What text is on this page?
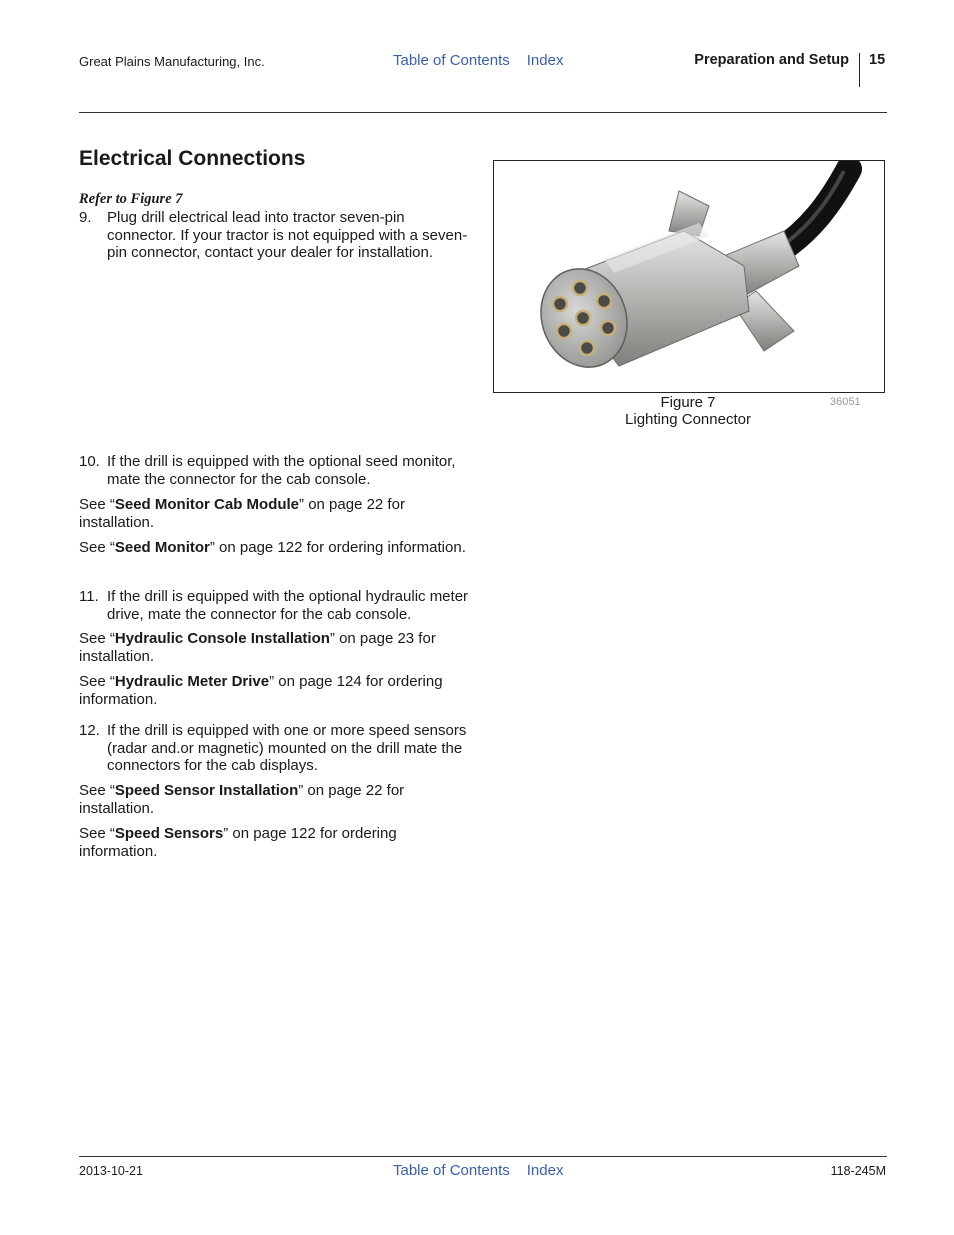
Great Plains Manufacturing, Inc.	Table of Contents Index	Preparation and Setup 15
Electrical Connections
Refer to Figure 7
9. Plug drill electrical lead into tractor seven-pin connector. If your tractor is not equipped with a seven-pin connector, contact your dealer for installation.
36051
Figure 7
Lighting Connector
10. If the drill is equipped with the optional seed monitor, mate the connector for the cab console.
See “Seed Monitor Cab Module” on page 22 for installation.
See “Seed Monitor” on page 122 for ordering information.
11. If the drill is equipped with the optional hydraulic meter drive, mate the connector for the cab console.
See “Hydraulic Console Installation” on page 23 for installation.
See “Hydraulic Meter Drive” on page 124 for ordering information.
12. If the drill is equipped with one or more speed sensors (radar and.or magnetic) mounted on the drill mate the connectors for the cab displays.
See “Speed Sensor Installation” on page 22 for installation.
See “Speed Sensors” on page 122 for ordering information.
2013-10-21	Table of Contents Index	118-245M
